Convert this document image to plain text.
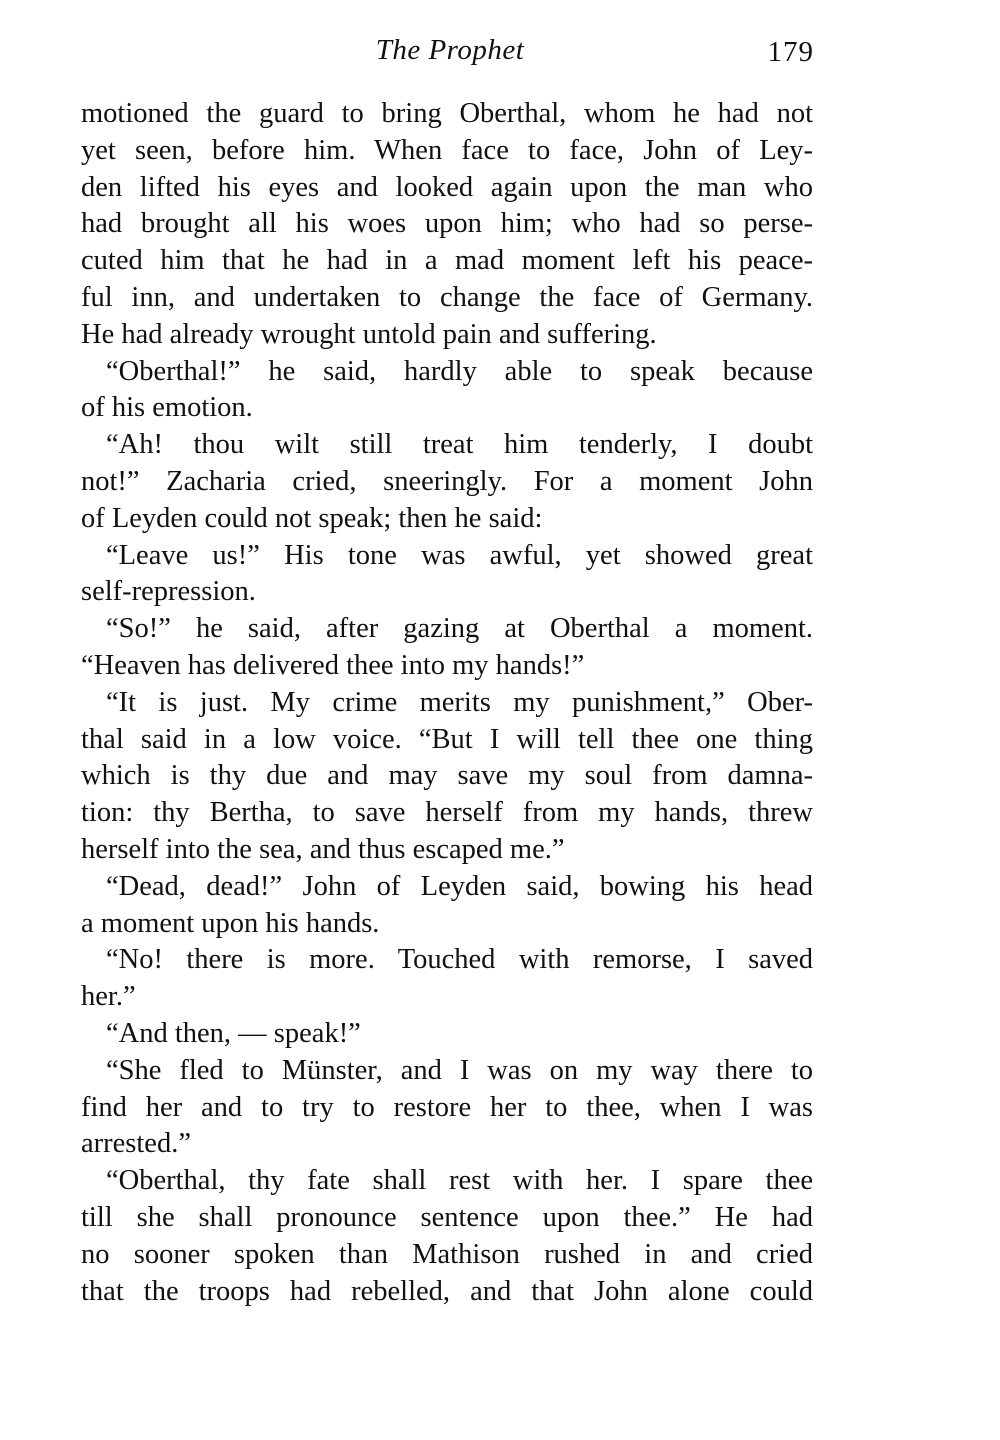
The Prophet	179
motioned the guard to bring Oberthal, whom he had not
yet seen, before him. When face to face, John of Ley-
den lifted his eyes and looked again upon the man who
had brought all his woes upon him; who had so perse-
cuted him that he had in a mad moment left his peace-
ful inn, and undertaken to change the face of Germany.
He had already wrought untold pain and suffering.
“Oberthal!” he said, hardly able to speak because
of his emotion.
“Ah! thou wilt still treat him tenderly, I doubt
not!” Zacharia cried, sneeringly. For a moment John
of Leyden could not speak; then he said:
“Leave us!” His tone was awful, yet showed great
self-repression.
“So!” he said, after gazing at Oberthal a moment.
“Heaven has delivered thee into my hands!”
“It is just. My crime merits my punishment,” Ober-
thal said in a low voice. “But I will tell thee one thing
which is thy due and may save my soul from damna-
tion: thy Bertha, to save herself from my hands, threw
herself into the sea, and thus escaped me.”
“Dead, dead!” John of Leyden said, bowing his head
a moment upon his hands.
“No! there is more. Touched with remorse, I saved
her.”
“And then, — speak!”
“She fled to Münster, and I was on my way there to
find her and to try to restore her to thee, when I was
arrested.”
“Oberthal, thy fate shall rest with her. I spare thee
till she shall pronounce sentence upon thee.” He had
no sooner spoken than Mathison rushed in and cried
that the troops had rebelled, and that John alone could
